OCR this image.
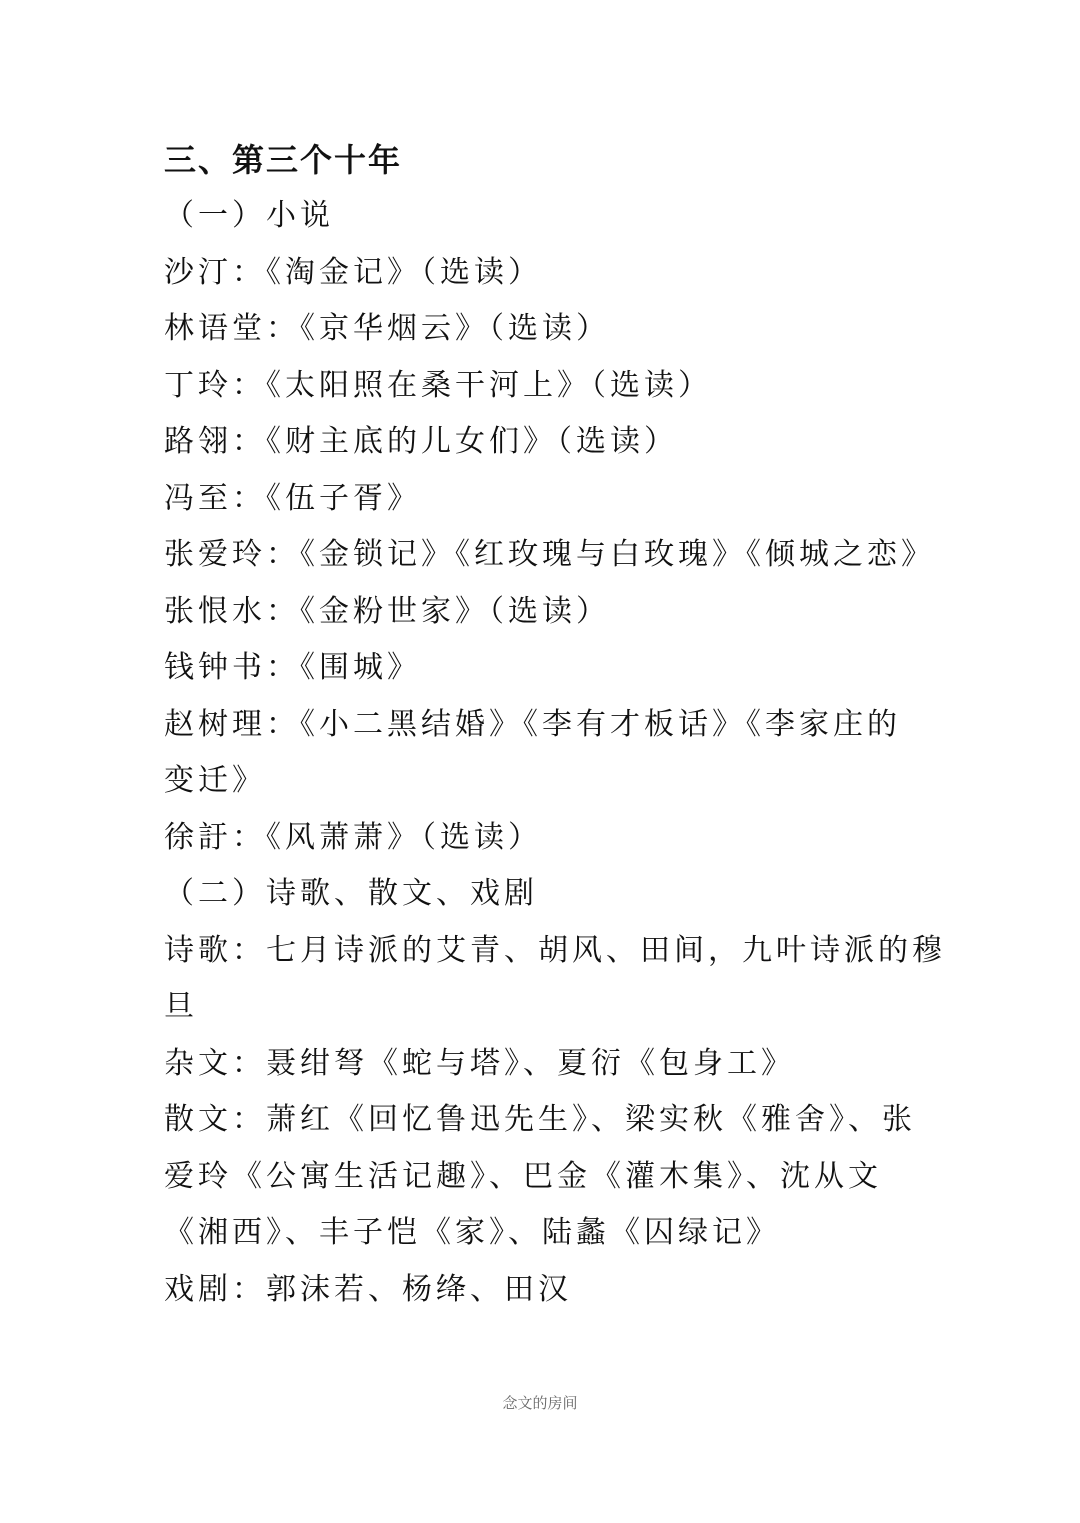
三、第三个十年

（一）小说

沙汀：《淘金记》（选读）

林语堂：《京华烟云》（选读）

丁玲：《太阳照在桑干河上》（选读）

路翎：《财主底的儿女们》（选读）

冯至：《伍子胥》

张爱玲：《金锁记》《红玫瑰与白玫瑰》《倾城之恋》

张恨水：《金粉世家》（选读）

钱钟书：《围城》

赵树理：《小二黑结婚》《李有才板话》《李家庄的

变迁》

徐訏：《风萧萧》（选读）

（二）诗歌、散文、戏剧

诗歌：七月诗派的艾青、胡风、田间，九叶诗派的穆

旦

杂文：聂绀弩《蛇与塔》、夏衍《包身工》

散文：萧红《回忆鲁迅先生》、梁实秋《雅舍》、张

爱玲《公寓生活记趣》、巴金《灌木集》、沈从文

《湘西》、丰子恺《家》、陆蠡《囚绿记》

戏剧：郭沫若、杨绛、田汉

念文的房间
